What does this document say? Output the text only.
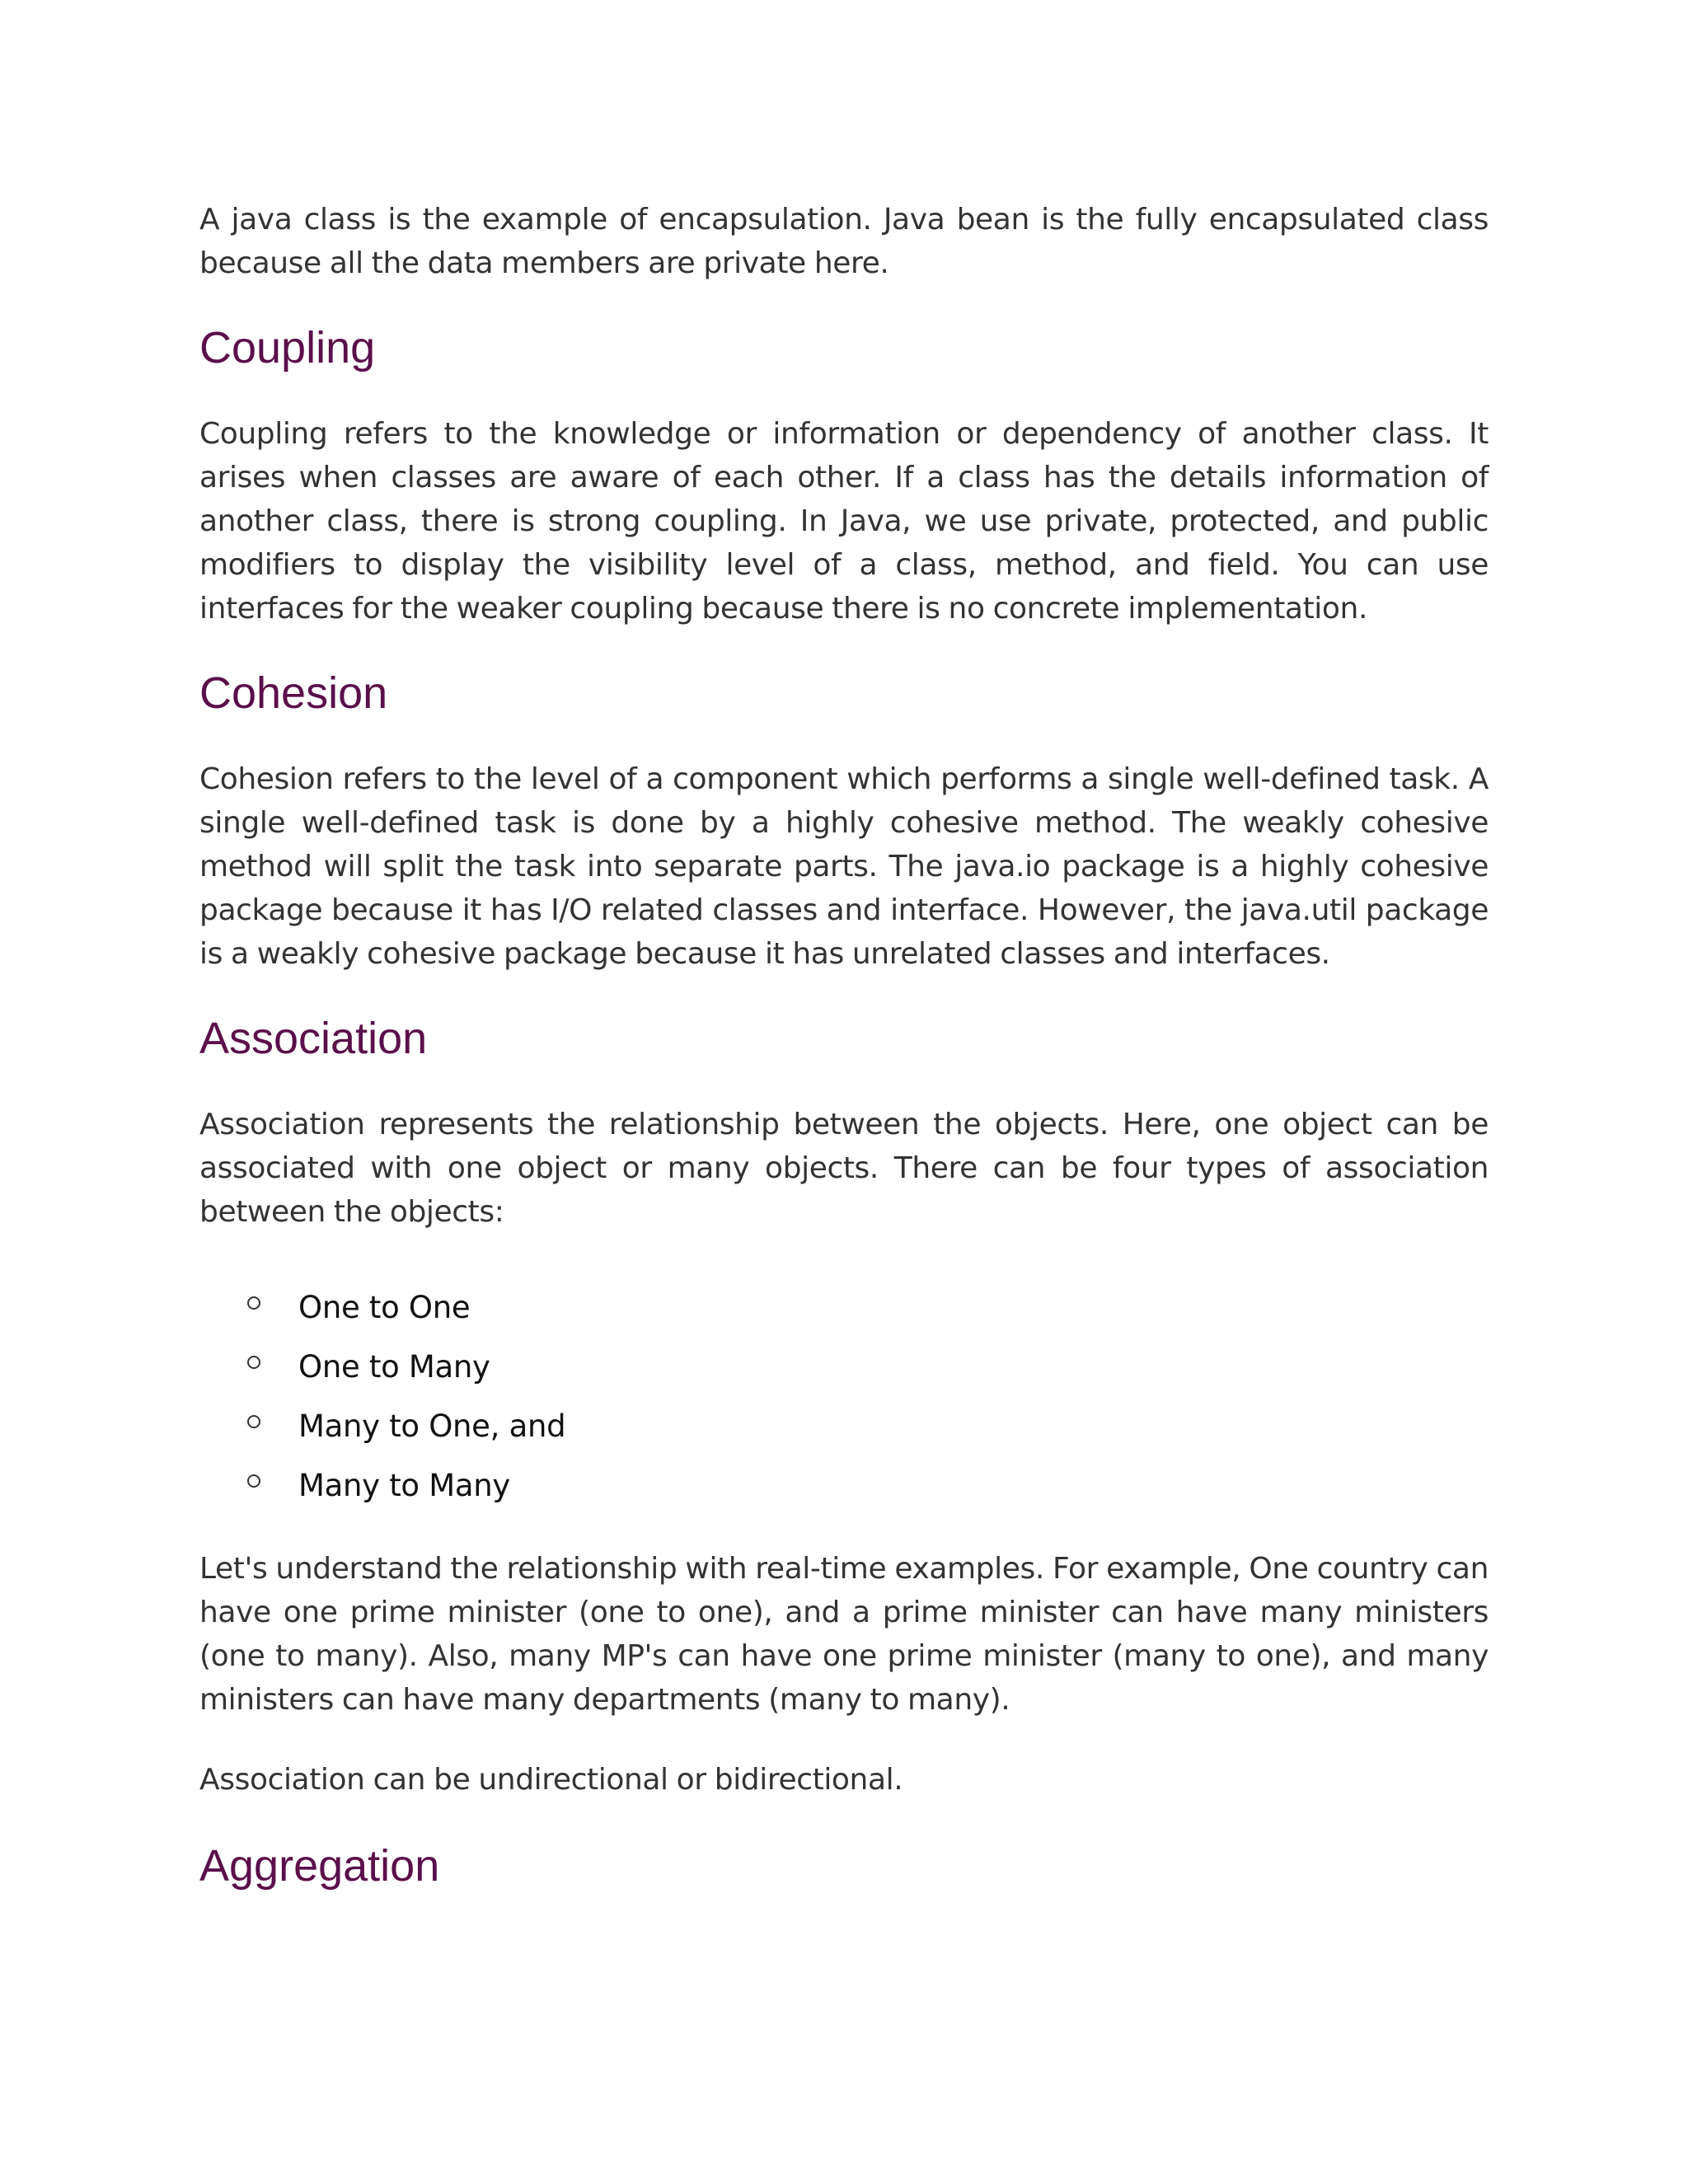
A java class is the example of encapsulation. Java bean is the fully encapsulated class because all the data members are private here.

Coupling

Coupling refers to the knowledge or information or dependency of another class. It arises when classes are aware of each other. If a class has the details information of another class, there is strong coupling. In Java, we use private, protected, and public modifiers to display the visibility level of a class, method, and field. You can use interfaces for the weaker coupling because there is no concrete implementation.

Cohesion

Cohesion refers to the level of a component which performs a single well-defined task. A single well-defined task is done by a highly cohesive method. The weakly cohesive method will split the task into separate parts. The java.io package is a highly cohesive package because it has I/O related classes and interface. However, the java.util package is a weakly cohesive package because it has unrelated classes and interfaces.

Association

Association represents the relationship between the objects. Here, one object can be associated with one object or many objects. There can be four types of association between the objects:

One to One
One to Many
Many to One, and
Many to Many

Let's understand the relationship with real-time examples. For example, One country can have one prime minister (one to one), and a prime minister can have many ministers (one to many). Also, many MP's can have one prime minister (many to one), and many ministers can have many departments (many to many).

Association can be undirectional or bidirectional.

Aggregation
